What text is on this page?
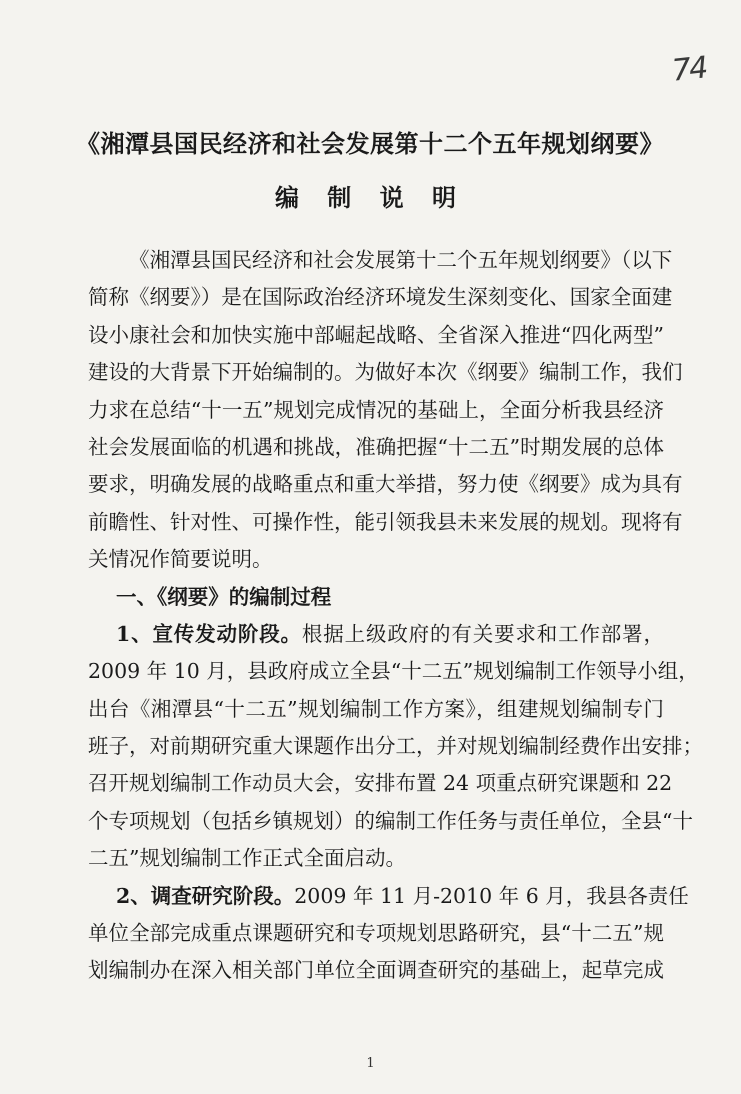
74
《湘潭县国民经济和社会发展第十二个五年规划纲要》
编 制 说 明
《湘潭县国民经济和社会发展第十二个五年规划纲要》（以下
简称《纲要》）是在国际政治经济环境发生深刻变化、国家全面建
设小康社会和加快实施中部崛起战略、全省深入推进“四化两型”
建设的大背景下开始编制的。为做好本次《纲要》编制工作，我们
力求在总结“十一五”规划完成情况的基础上，全面分析我县经济
社会发展面临的机遇和挑战，准确把握“十二五”时期发展的总体
要求，明确发展的战略重点和重大举措，努力使《纲要》成为具有
前瞻性、针对性、可操作性，能引领我县未来发展的规划。现将有
关情况作简要说明。
一、《纲要》的编制过程
1、宣传发动阶段。根据上级政府的有关要求和工作部署，
2009 年 10 月，县政府成立全县“十二五”规划编制工作领导小组，
出台《湘潭县“十二五”规划编制工作方案》，组建规划编制专门
班子，对前期研究重大课题作出分工，并对规划编制经费作出安排；
召开规划编制工作动员大会，安排布置 24 项重点研究课题和 22
个专项规划（包括乡镇规划）的编制工作任务与责任单位，全县“十
二五”规划编制工作正式全面启动。
2、调查研究阶段。2009 年 11 月-2010 年 6 月，我县各责任
单位全部完成重点课题研究和专项规划思路研究，县“十二五”规
划编制办在深入相关部门单位全面调查研究的基础上，起草完成
1
